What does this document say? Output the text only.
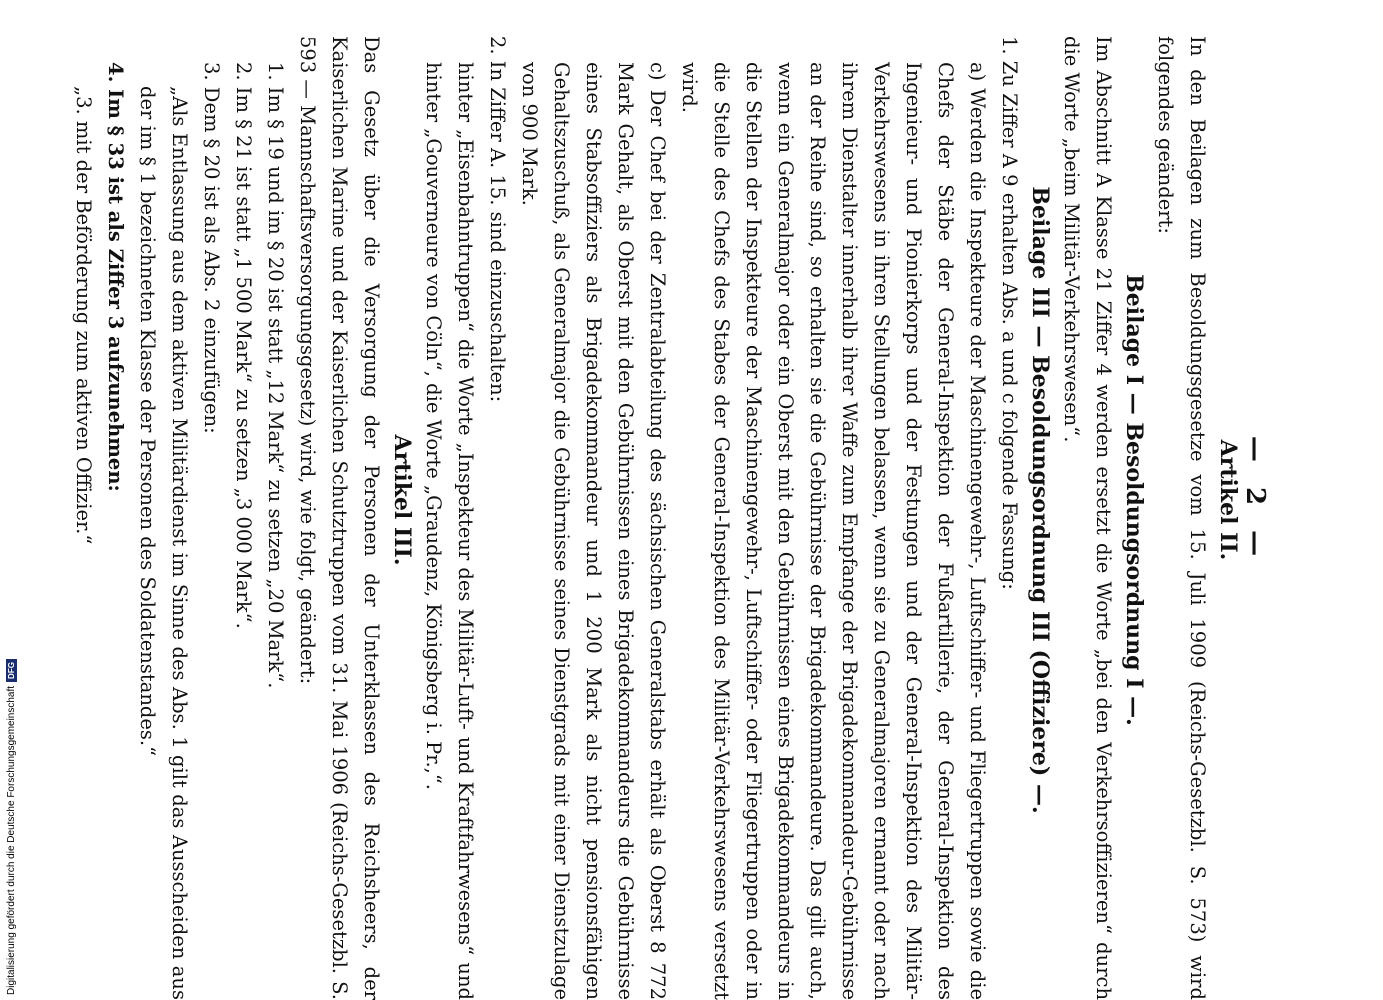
— 2 —
Artikel II.

In den Beilagen zum Besoldungsgesetze vom 15. Juli 1909 (Reichs-Gesetzbl. S. 573) wird folgendes geändert:

Beilage I — Besoldungsordnung I —.

Im Abschnitt A Klasse 21 Ziffer 4 werden ersetzt die Worte „bei den Verkehrsoffizieren“ durch die Worte „beim Militär-Verkehrswesen“.

Beilage III — Besoldungsordnung III (Offiziere) —.

1. Zu Ziffer A 9 erhalten Abs. a und c folgende Fassung:

a) Werden die Inspekteure der Maschinengewehr-, Luftschiffer- und Fliegertruppen sowie die Chefs der Stäbe der General-Inspektion der Fußartillerie, der General-Inspektion des Ingenieur- und Pionierkorps und der Festungen und der General-Inspektion des Militär-Verkehrswesens in ihren Stellungen belassen, wenn sie zu Generalmajoren ernannt oder nach ihrem Dienstalter innerhalb ihrer Waffe zum Empfange der Brigadekommandeur-Gebührnisse an der Reihe sind, so erhalten sie die Gebührnisse der Brigadekommandeure. Das gilt auch, wenn ein Generalmajor oder ein Oberst mit den Gebührnissen eines Brigadekommandeurs in die Stellen der Inspekteure der Maschinengewehr-, Luftschiffer- oder Fliegertruppen oder in die Stelle des Chefs des Stabes der General-Inspektion des Militär-Verkehrswesens versetzt wird.

c) Der Chef bei der Zentralabteilung des sächsischen Generalstabs erhält als Oberst 8 772 Mark Gehalt, als Oberst mit den Gebührnissen eines Brigadekommandeurs die Gebührnisse eines Stabsoffiziers als Brigadekommandeur und 1 200 Mark als nicht pensionsfähigen Gehaltszuschuß, als Generalmajor die Gebührnisse seines Dienstgrads mit einer Dienstzulage von 900 Mark.

2. In Ziffer A. 15. sind einzuschalten:

hinter „Eisenbahntruppen“ die Worte „Inspekteur des Militär-Luft- und Kraftfahrwesens“ und hinter „Gouverneure von Cöln“, die Worte „Graudenz, Königsberg i. Pr.,“.

Artikel III.

Das Gesetz über die Versorgung der Personen der Unterklassen des Reichsheers, der Kaiserlichen Marine und der Kaiserlichen Schutztruppen vom 31. Mai 1906 (Reichs-Gesetzbl. S. 593 — Mannschaftsversorgungsgesetz) wird, wie folgt, geändert:

1. Im § 19 und im § 20 ist statt „12 Mark“ zu setzen „20 Mark“.

2. Im § 21 ist statt „1 500 Mark“ zu setzen „3 000 Mark“.

3. Dem § 20 ist als Abs. 2 einzufügen:

„Als Entlassung aus dem aktiven Militärdienst im Sinne des Abs. 1 gilt das Ausscheiden aus der im § 1 bezeichneten Klasse der Personen des Soldatenstandes.“

4. Im § 33 ist als Ziffer 3 aufzunehmen:

„3. mit der Beförderung zum aktiven Offizier.“

Digitalisierung gefördert durch die Deutsche Forschungsgemeinschaft
DFG
